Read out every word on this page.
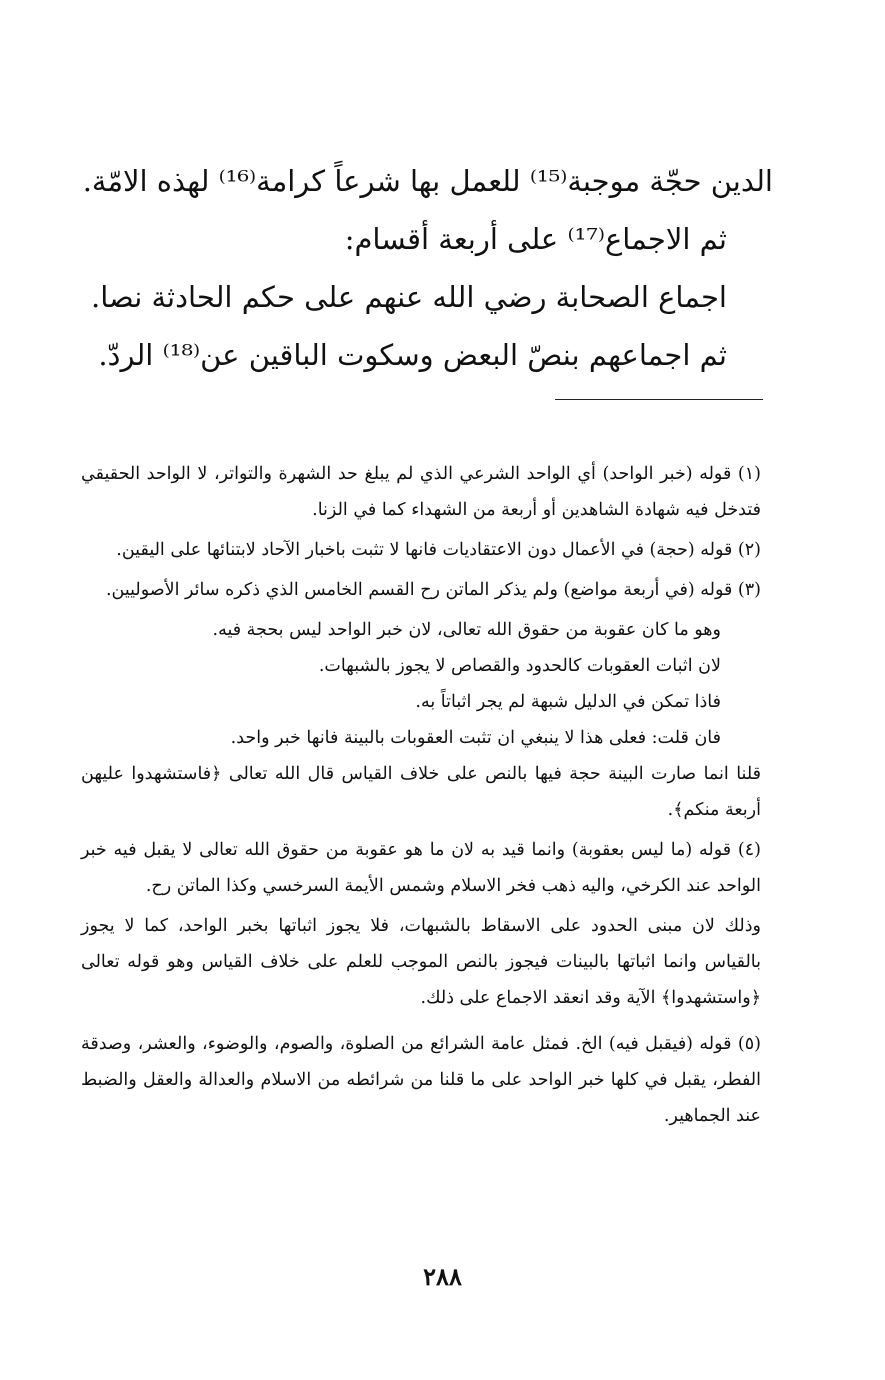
الدين حجّة موجبة⁽¹⁵⁾ للعمل بها شرعاً كرامة⁽¹⁶⁾ لهذه الامّة.

ثم الاجماع⁽¹⁷⁾ على أربعة أقسام:

اجماع الصحابة رضي الله عنهم على حكم الحادثة نصا.

ثم اجماعهم بنصّ البعض وسكوت الباقين عن⁽¹⁸⁾ الردّ.

(١) قوله (خبر الواحد) أي الواحد الشرعي الذي لم يبلغ حد الشهرة والتواتر، لا الواحد الحقيقي فتدخل فيه شهادة الشاهدين أو أربعة من الشهداء كما في الزنا.

(٢) قوله (حجة) في الأعمال دون الاعتقاديات فانها لا تثبت باخبار الآحاد لابتنائها على اليقين.

(٣) قوله (في أربعة مواضع) ولم يذكر الماتن رح القسم الخامس الذي ذكره سائر الأصوليين.

وهو ما كان عقوبة من حقوق الله تعالى، لان خبر الواحد ليس بحجة فيه.

لان اثبات العقوبات كالحدود والقصاص لا يجوز بالشبهات.

فاذا تمكن في الدليل شبهة لم يجر اثباتاً به.

فان قلت: فعلى هذا لا ينبغي ان تثبت العقوبات بالبينة فانها خبر واحد.

قلنا انما صارت البينة حجة فيها بالنص على خلاف القياس قال الله تعالى ﴿فاستشهدوا عليهن أربعة منكم﴾.

(٤) قوله (ما ليس بعقوبة) وانما قيد به لان ما هو عقوبة من حقوق الله تعالى لا يقبل فيه خبر الواحد عند الكرخي، واليه ذهب فخر الاسلام وشمس الأيمة السرخسي وكذا الماتن رح.

وذلك لان مبنى الحدود على الاسقاط بالشبهات، فلا يجوز اثباتها بخبر الواحد، كما لا يجوز بالقياس وانما اثباتها بالبينات فيجوز بالنص الموجب للعلم على خلاف القياس وهو قوله تعالى ﴿واستشهدوا﴾ الآية وقد انعقد الاجماع على ذلك.

(٥) قوله (فيقبل فيه) الخ. فمثل عامة الشرائع من الصلوة، والصوم، والوضوء، والعشر، وصدقة الفطر، يقبل في كلها خبر الواحد على ما قلنا من شرائطه من الاسلام والعدالة والعقل والضبط عند الجماهير.

٢٨٨
